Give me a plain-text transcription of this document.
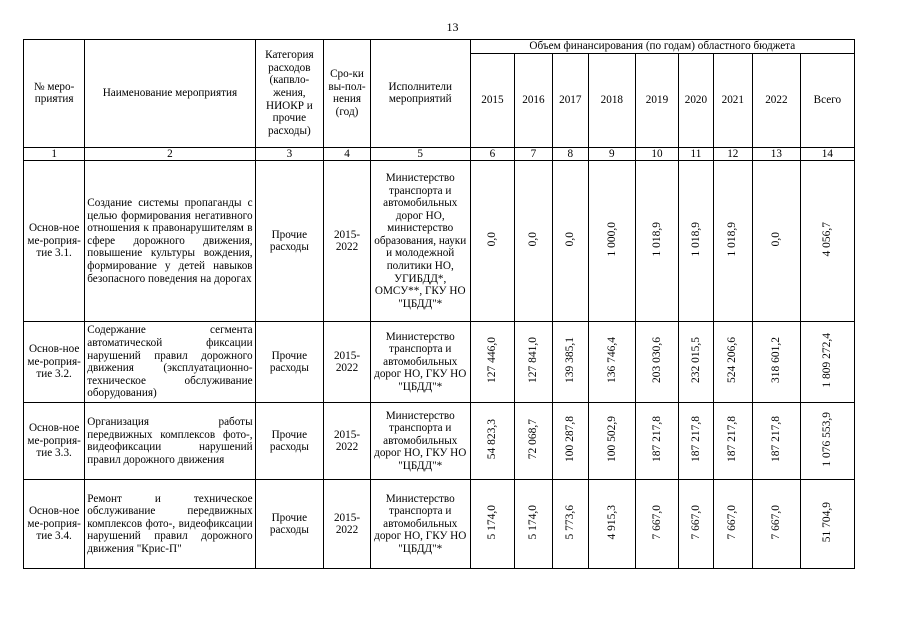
13
№ меро-приятия	Наименование мероприятия	Категория расходов (капвло-жения, НИОКР и прочие расходы)	Сро-ки вы-пол-нения (год)	Исполнители мероприятий	Объем финансирования (по годам) областного бюджета								
					2015	2016	2017	2018	2019	2020	2021	2022	Всего
1	2	3	4	5	6	7	8	9	10	11	12	13	14
Основ-ное ме-роприя-тие 3.1.	Создание системы пропаганды с целью формирования негативного отношения к правонарушителям в сфере дорожного движения, повышение культуры вождения, формирование у детей навыков безопасного поведения на дорогах	Прочие расходы	2015-2022	Министерство транспорта и автомобильных дорог НО, министерство образования, науки и молодежной политики НО, УГИБДД*, ОМСУ**, ГКУ НО "ЦБДД"*	0,0	0,0	0,0	1 000,0	1 018,9	1 018,9	1 018,9	0,0	4 056,7
Основ-ное ме-роприя-тие 3.2.	Содержание сегмента автоматической фиксации нарушений правил дорожного движения (эксплуатационно-техническое обслуживание оборудования)	Прочие расходы	2015-2022	Министерство транспорта и автомобильных дорог НО, ГКУ НО "ЦБДД"*	127 446,0	127 841,0	139 385,1	136 746,4	203 030,6	232 015,5	524 206,6	318 601,2	1 809 272,4
Основ-ное ме-роприя-тие 3.3.	Организация работы передвижных комплексов фото-, видеофиксации нарушений правил дорожного движения	Прочие расходы	2015-2022	Министерство транспорта и автомобильных дорог НО, ГКУ НО "ЦБДД"*	54 823,3	72 068,7	100 287,8	100 502,9	187 217,8	187 217,8	187 217,8	187 217,8	1 076 553,9
Основ-ное ме-роприя-тие 3.4.	Ремонт и техническое обслуживание передвижных комплексов фото-, видеофиксации нарушений правил дорожного движения "Крис-П"	Прочие расходы	2015-2022	Министерство транспорта и автомобильных дорог НО, ГКУ НО "ЦБДД"*	5 174,0	5 174,0	5 773,6	4 915,3	7 667,0	7 667,0	7 667,0	7 667,0	51 704,9
